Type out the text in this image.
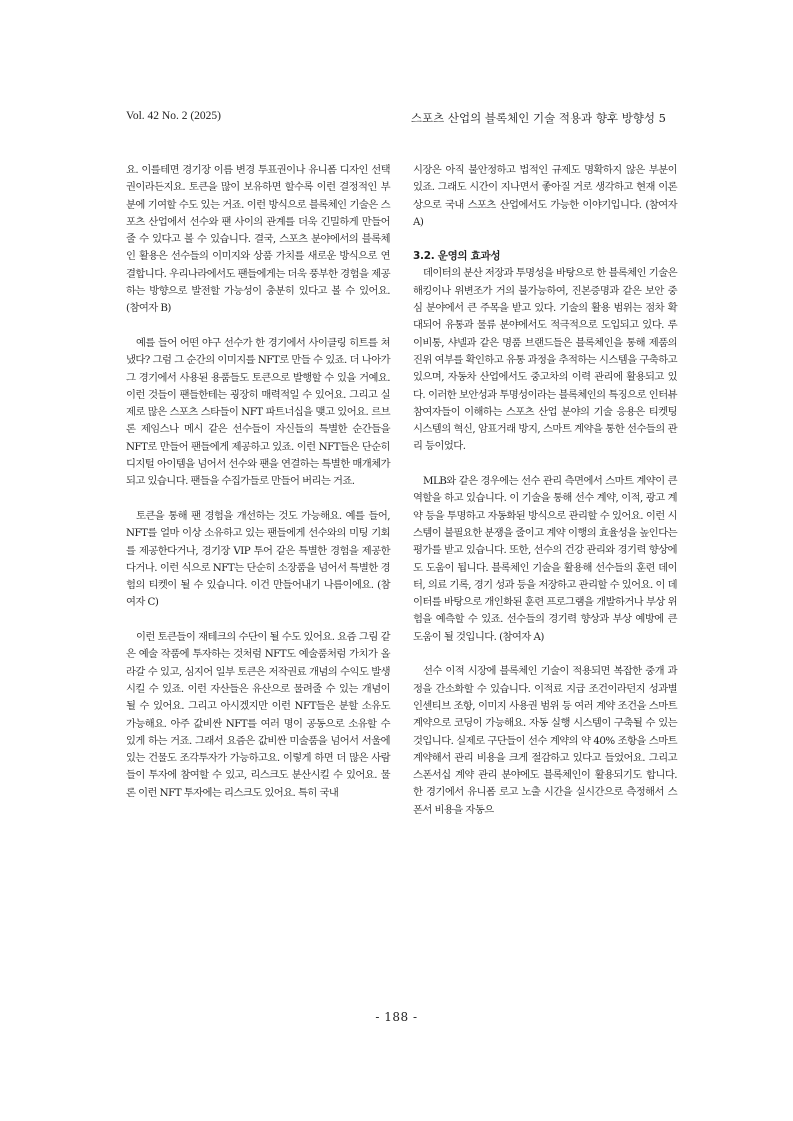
Vol. 42 No. 2 (2025)	스포츠 산업의 블록체인 기술 적용과 향후 방향성 5

요. 이를테면 경기장 이름 변경 투표권이나 유니폼 디자인 선택권이라든지요. 토큰을 많이 보유하면 할수록 이런 결정적인 부분에 기여할 수도 있는 거죠. 이런 방식으로 블록체인 기술은 스포츠 산업에서 선수와 팬 사이의 관계를 더욱 긴밀하게 만들어 줄 수 있다고 볼 수 있습니다. 결국, 스포츠 분야에서의 블록체인 활용은 선수들의 이미지와 상품 가치를 새로운 방식으로 연결합니다. 우리나라에서도 팬들에게는 더욱 풍부한 경험을 제공하는 방향으로 발전할 가능성이 충분히 있다고 볼 수 있어요. (참여자 B)

예를 들어 어떤 야구 선수가 한 경기에서 사이클링 히트를 쳐냈다? 그럼 그 순간의 이미지를 NFT로 만들 수 있죠. 더 나아가 그 경기에서 사용된 용품들도 토큰으로 발행할 수 있을 거예요. 이런 것들이 팬들한테는 굉장히 매력적일 수 있어요. 그리고 실제로 많은 스포츠 스타들이 NFT 파트너십을 맺고 있어요. 르브론 제임스나 메시 같은 선수들이 자신들의 특별한 순간들을 NFT로 만들어 팬들에게 제공하고 있죠. 이런 NFT들은 단순히 디지털 아이템을 넘어서 선수와 팬을 연결하는 특별한 매개체가 되고 있습니다. 팬들을 수집가들로 만들어 버리는 거죠.

토큰을 통해 팬 경험을 개선하는 것도 가능해요. 예를 들어, NFT를 얼마 이상 소유하고 있는 팬들에게 선수와의 미팅 기회를 제공한다거나, 경기장 VIP 투어 같은 특별한 경험을 제공한다거나. 이런 식으로 NFT는 단순히 소장품을 넘어서 특별한 경험의 티켓이 될 수 있습니다. 이건 만들어내기 나름이에요. (참여자 C)

이런 토큰들이 재테크의 수단이 될 수도 있어요. 요즘 그림 같은 예술 작품에 투자하는 것처럼 NFT도 예술품처럼 가치가 올라갈 수 있고, 심지어 일부 토큰은 저작권료 개념의 수익도 발생시킬 수 있죠. 이런 자산들은 유산으로 물려줄 수 있는 개념이 될 수 있어요. 그리고 아시겠지만 이런 NFT들은 분할 소유도 가능해요. 아주 값비싼 NFT를 여러 명이 공동으로 소유할 수 있게 하는 거죠. 그래서 요즘은 값비싼 미술품을 넘어서 서울에 있는 건물도 조각투자가 가능하고요. 이렇게 하면 더 많은 사람들이 투자에 참여할 수 있고, 리스크도 분산시킬 수 있어요. 물론 이런 NFT 투자에는 리스크도 있어요. 특히 국내

시장은 아직 불안정하고 법적인 규제도 명확하지 않은 부분이 있죠. 그래도 시간이 지나면서 좋아질 거로 생각하고 현재 이론상으로 국내 스포츠 산업에서도 가능한 이야기입니다. (참여자 A)

3.2. 운영의 효과성

데이터의 분산 저장과 투명성을 바탕으로 한 블록체인 기술은 해킹이나 위변조가 거의 불가능하여, 진본증명과 같은 보안 중심 분야에서 큰 주목을 받고 있다. 기술의 활용 범위는 점차 확대되어 유통과 물류 분야에서도 적극적으로 도입되고 있다. 루이비통, 샤넬과 같은 명품 브랜드들은 블록체인을 통해 제품의 진위 여부를 확인하고 유통 과정을 추적하는 시스템을 구축하고 있으며, 자동차 산업에서도 중고차의 이력 관리에 활용되고 있다. 이러한 보안성과 투명성이라는 블록체인의 특징으로 인터뷰 참여자들이 이해하는 스포츠 산업 분야의 기술 응용은 티켓팅 시스템의 혁신, 암표거래 방지, 스마트 계약을 통한 선수들의 관리 등이었다.

MLB와 같은 경우에는 선수 관리 측면에서 스마트 계약이 큰 역할을 하고 있습니다. 이 기술을 통해 선수 계약, 이적, 광고 계약 등을 투명하고 자동화된 방식으로 관리할 수 있어요. 이런 시스템이 불필요한 분쟁을 줄이고 계약 이행의 효율성을 높인다는 평가를 받고 있습니다. 또한, 선수의 건강 관리와 경기력 향상에도 도움이 됩니다. 블록체인 기술을 활용해 선수들의 훈련 데이터, 의료 기록, 경기 성과 등을 저장하고 관리할 수 있어요. 이 데이터를 바탕으로 개인화된 훈련 프로그램을 개발하거나 부상 위험을 예측할 수 있죠. 선수들의 경기력 향상과 부상 예방에 큰 도움이 될 것입니다. (참여자 A)

선수 이적 시장에 블록체인 기술이 적용되면 복잡한 중개 과정을 간소화할 수 있습니다. 이적료 지급 조건이라던지 성과별 인센티브 조항, 이미지 사용권 범위 등 여러 계약 조건을 스마트 계약으로 코딩이 가능해요. 자동 실행 시스템이 구축될 수 있는 것입니다. 실제로 구단들이 선수 계약의 약 40% 조항을 스마트 계약해서 관리 비용을 크게 절감하고 있다고 들었어요. 그리고 스폰서십 계약 관리 분야에도 블록체인이 활용되기도 합니다. 한 경기에서 유니폼 로고 노출 시간을 실시간으로 측정해서 스폰서 비용을 자동으

- 188 -
